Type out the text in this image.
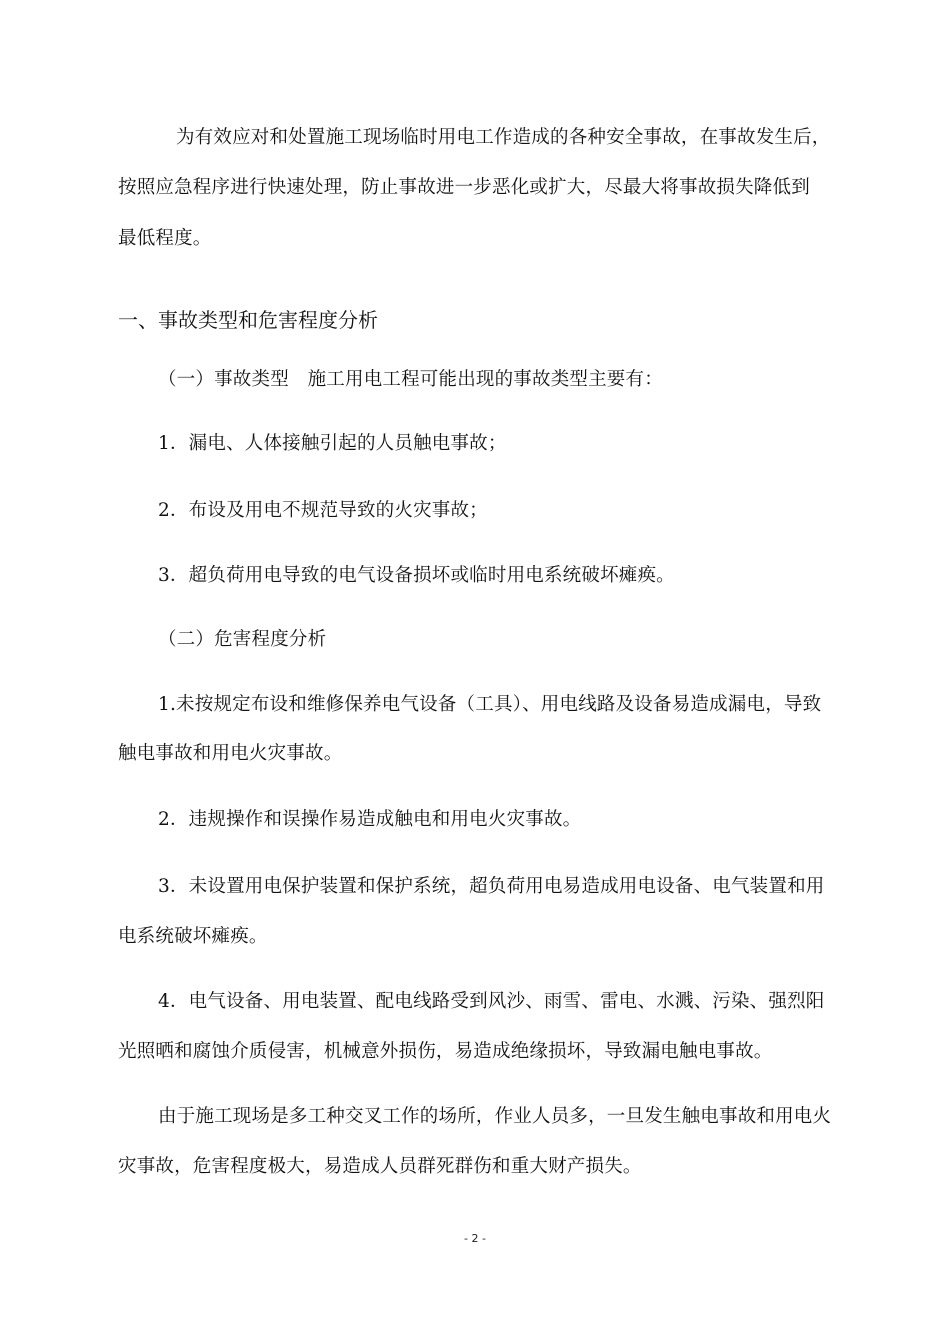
为有效应对和处置施工现场临时用电工作造成的各种安全事故，在事故发生后，
按照应急程序进行快速处理，防止事故进一步恶化或扩大，尽最大将事故损失降低到
最低程度。
一、事故类型和危害程度分析
（一）事故类型　施工用电工程可能出现的事故类型主要有：
1．漏电、人体接触引起的人员触电事故；
2．布设及用电不规范导致的火灾事故；
3．超负荷用电导致的电气设备损坏或临时用电系统破坏瘫痪。
（二）危害程度分析
1.未按规定布设和维修保养电气设备（工具）、用电线路及设备易造成漏电，导致
触电事故和用电火灾事故。
2．违规操作和误操作易造成触电和用电火灾事故。
3．未设置用电保护装置和保护系统，超负荷用电易造成用电设备、电气装置和用
电系统破坏瘫痪。
4．电气设备、用电装置、配电线路受到风沙、雨雪、雷电、水溅、污染、强烈阳
光照晒和腐蚀介质侵害，机械意外损伤，易造成绝缘损坏，导致漏电触电事故。
由于施工现场是多工种交叉工作的场所，作业人员多，一旦发生触电事故和用电火
灾事故，危害程度极大，易造成人员群死群伤和重大财产损失。
- 2 -
